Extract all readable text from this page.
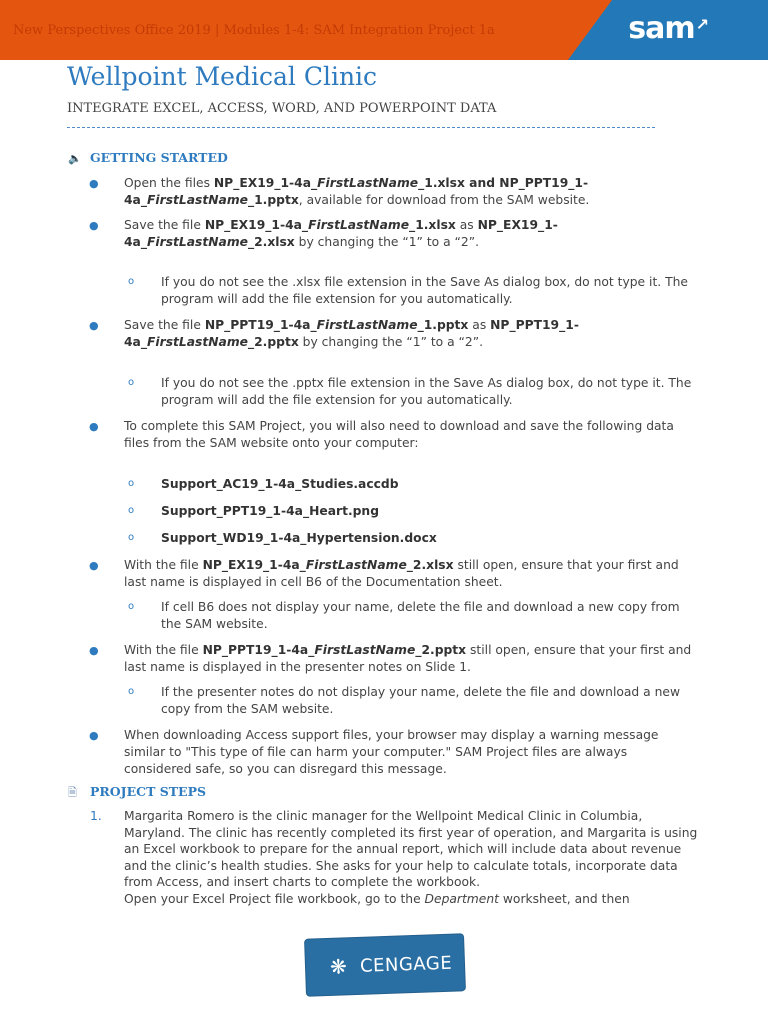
New Perspectives Office 2019 | Modules 1-4: SAM Integration Project 1a	sam↗
Wellpoint Medical Clinic
INTEGRATE EXCEL, ACCESS, WORD, AND POWERPOINT DATA
🔈 GETTING STARTED
● Open the files NP_EX19_1-4a_FirstLastName_1.xlsx and NP_PPT19_1-4a_FirstLastName_1.pptx, available for download from the SAM website.
● Save the file NP_EX19_1-4a_FirstLastName_1.xlsx as NP_EX19_1-4a_FirstLastName_2.xlsx by changing the “1” to a “2”.
o If you do not see the .xlsx file extension in the Save As dialog box, do not type it. The program will add the file extension for you automatically.
● Save the file NP_PPT19_1-4a_FirstLastName_1.pptx as NP_PPT19_1-4a_FirstLastName_2.pptx by changing the “1” to a “2”.
o If you do not see the .pptx file extension in the Save As dialog box, do not type it. The program will add the file extension for you automatically.
● To complete this SAM Project, you will also need to download and save the following data files from the SAM website onto your computer:
o Support_AC19_1-4a_Studies.accdb
o Support_PPT19_1-4a_Heart.png
o Support_WD19_1-4a_Hypertension.docx
● With the file NP_EX19_1-4a_FirstLastName_2.xlsx still open, ensure that your first and last name is displayed in cell B6 of the Documentation sheet.
o If cell B6 does not display your name, delete the file and download a new copy from the SAM website.
● With the file NP_PPT19_1-4a_FirstLastName_2.pptx still open, ensure that your first and last name is displayed in the presenter notes on Slide 1.
o If the presenter notes do not display your name, delete the file and download a new copy from the SAM website.
● When downloading Access support files, your browser may display a warning message similar to "This type of file can harm your computer." SAM Project files are always considered safe, so you can disregard this message.
🗎 PROJECT STEPS
1. Margarita Romero is the clinic manager for the Wellpoint Medical Clinic in Columbia, Maryland. The clinic has recently completed its first year of operation, and Margarita is using an Excel workbook to prepare for the annual report, which will include data about revenue and the clinic’s health studies. She asks for your help to calculate totals, incorporate data from Access, and insert charts to complete the workbook.
Open your Excel Project file workbook, go to the Department worksheet, and then
❋ CENGAGE
